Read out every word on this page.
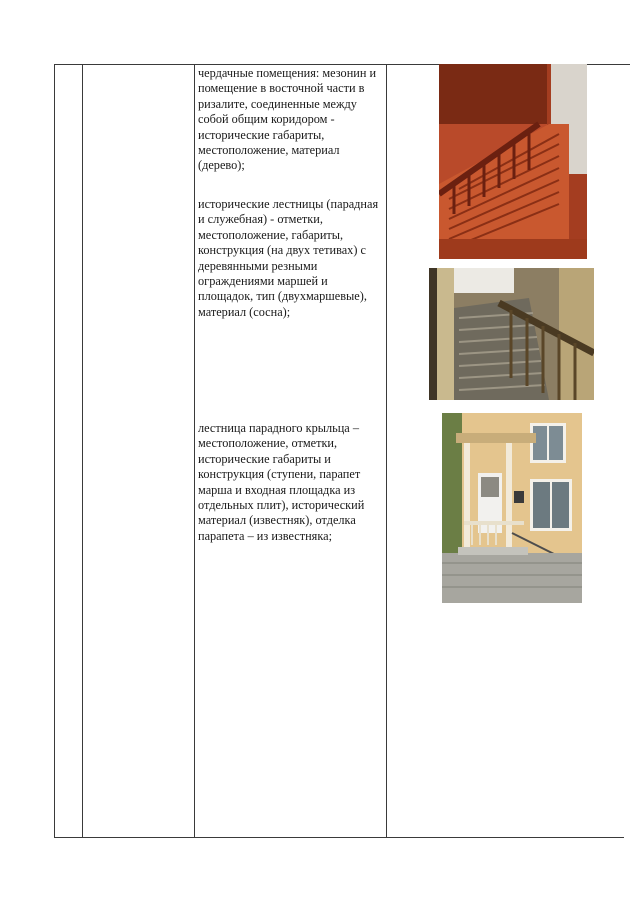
чердачные помещения: мезонин и помещение в восточной части в ризалите, соединенные между собой общим коридором - исторические габариты, местоположение, материал (дерево);
исторические лестницы (парадная и служебная) - отметки, местоположение, габариты, конструкция (на двух тетивах) с деревянными резными ограждениями маршей и площадок, тип (двухмаршевые), материал (сосна);
лестница парадного крыльца – местоположение, отметки, исторические габариты и конструкция (ступени, парапет марша и входная площадка из отдельных плит), исторический материал (известняк), отделка парапета – из известняка;
